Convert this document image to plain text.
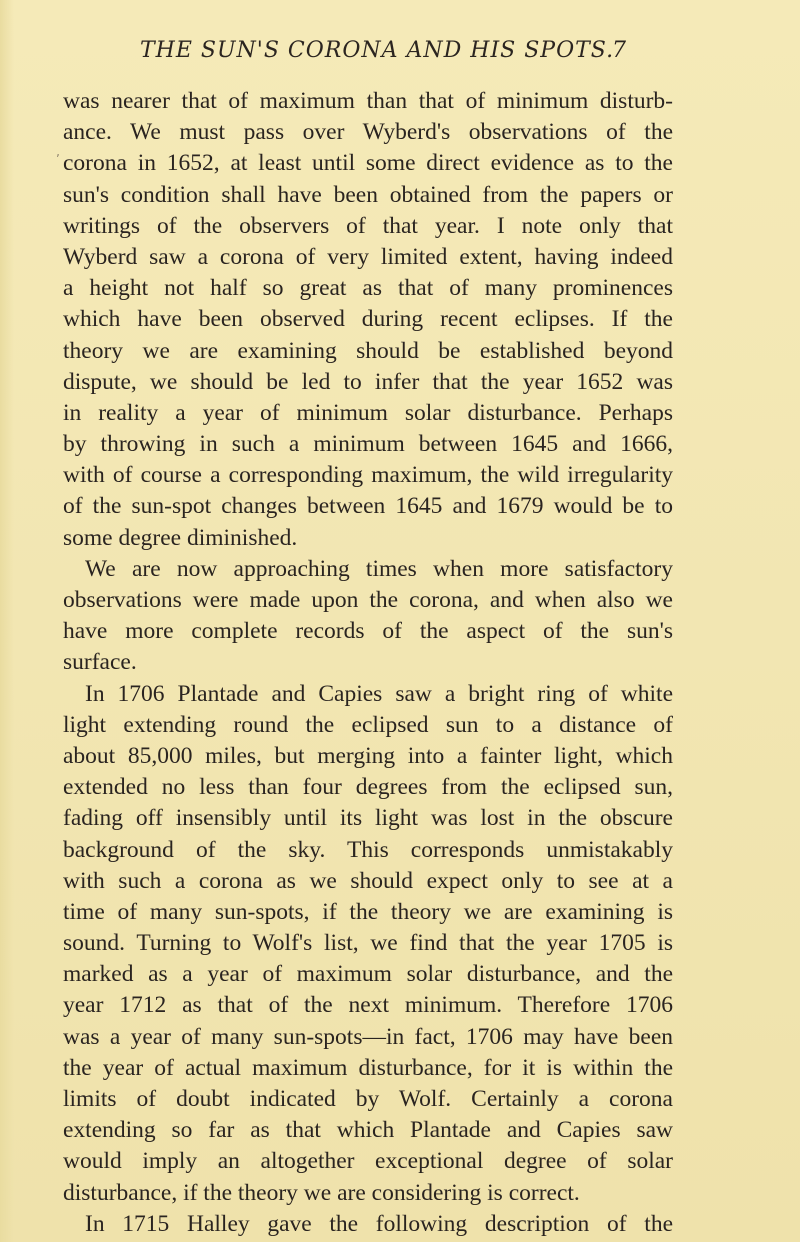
THE SUN'S CORONA AND HIS SPOTS.
7
ʼ
was nearer that of maximum than that of minimum disturb-
ance. We must pass over Wyberd's observations of the
corona in 1652, at least until some direct evidence as to the
sun's condition shall have been obtained from the papers or
writings of the observers of that year. I note only that
Wyberd saw a corona of very limited extent, having indeed
a height not half so great as that of many prominences
which have been observed during recent eclipses. If the
theory we are examining should be established beyond
dispute, we should be led to infer that the year 1652 was
in reality a year of minimum solar disturbance. Perhaps
by throwing in such a minimum between 1645 and 1666,
with of course a corresponding maximum, the wild irregularity
of the sun-spot changes between 1645 and 1679 would be to
some degree diminished.
We are now approaching times when more satisfactory
observations were made upon the corona, and when also we
have more complete records of the aspect of the sun's
surface.
In 1706 Plantade and Capies saw a bright ring of white
light extending round the eclipsed sun to a distance of
about 85,000 miles, but merging into a fainter light, which
extended no less than four degrees from the eclipsed sun,
fading off insensibly until its light was lost in the obscure
background of the sky. This corresponds unmistakably
with such a corona as we should expect only to see at a
time of many sun-spots, if the theory we are examining is
sound. Turning to Wolf's list, we find that the year 1705 is
marked as a year of maximum solar disturbance, and the
year 1712 as that of the next minimum. Therefore 1706
was a year of many sun-spots—in fact, 1706 may have been
the year of actual maximum disturbance, for it is within the
limits of doubt indicated by Wolf. Certainly a corona
extending so far as that which Plantade and Capies saw
would imply an altogether exceptional degree of solar
disturbance, if the theory we are considering is correct.
In 1715 Halley gave the following description of the
